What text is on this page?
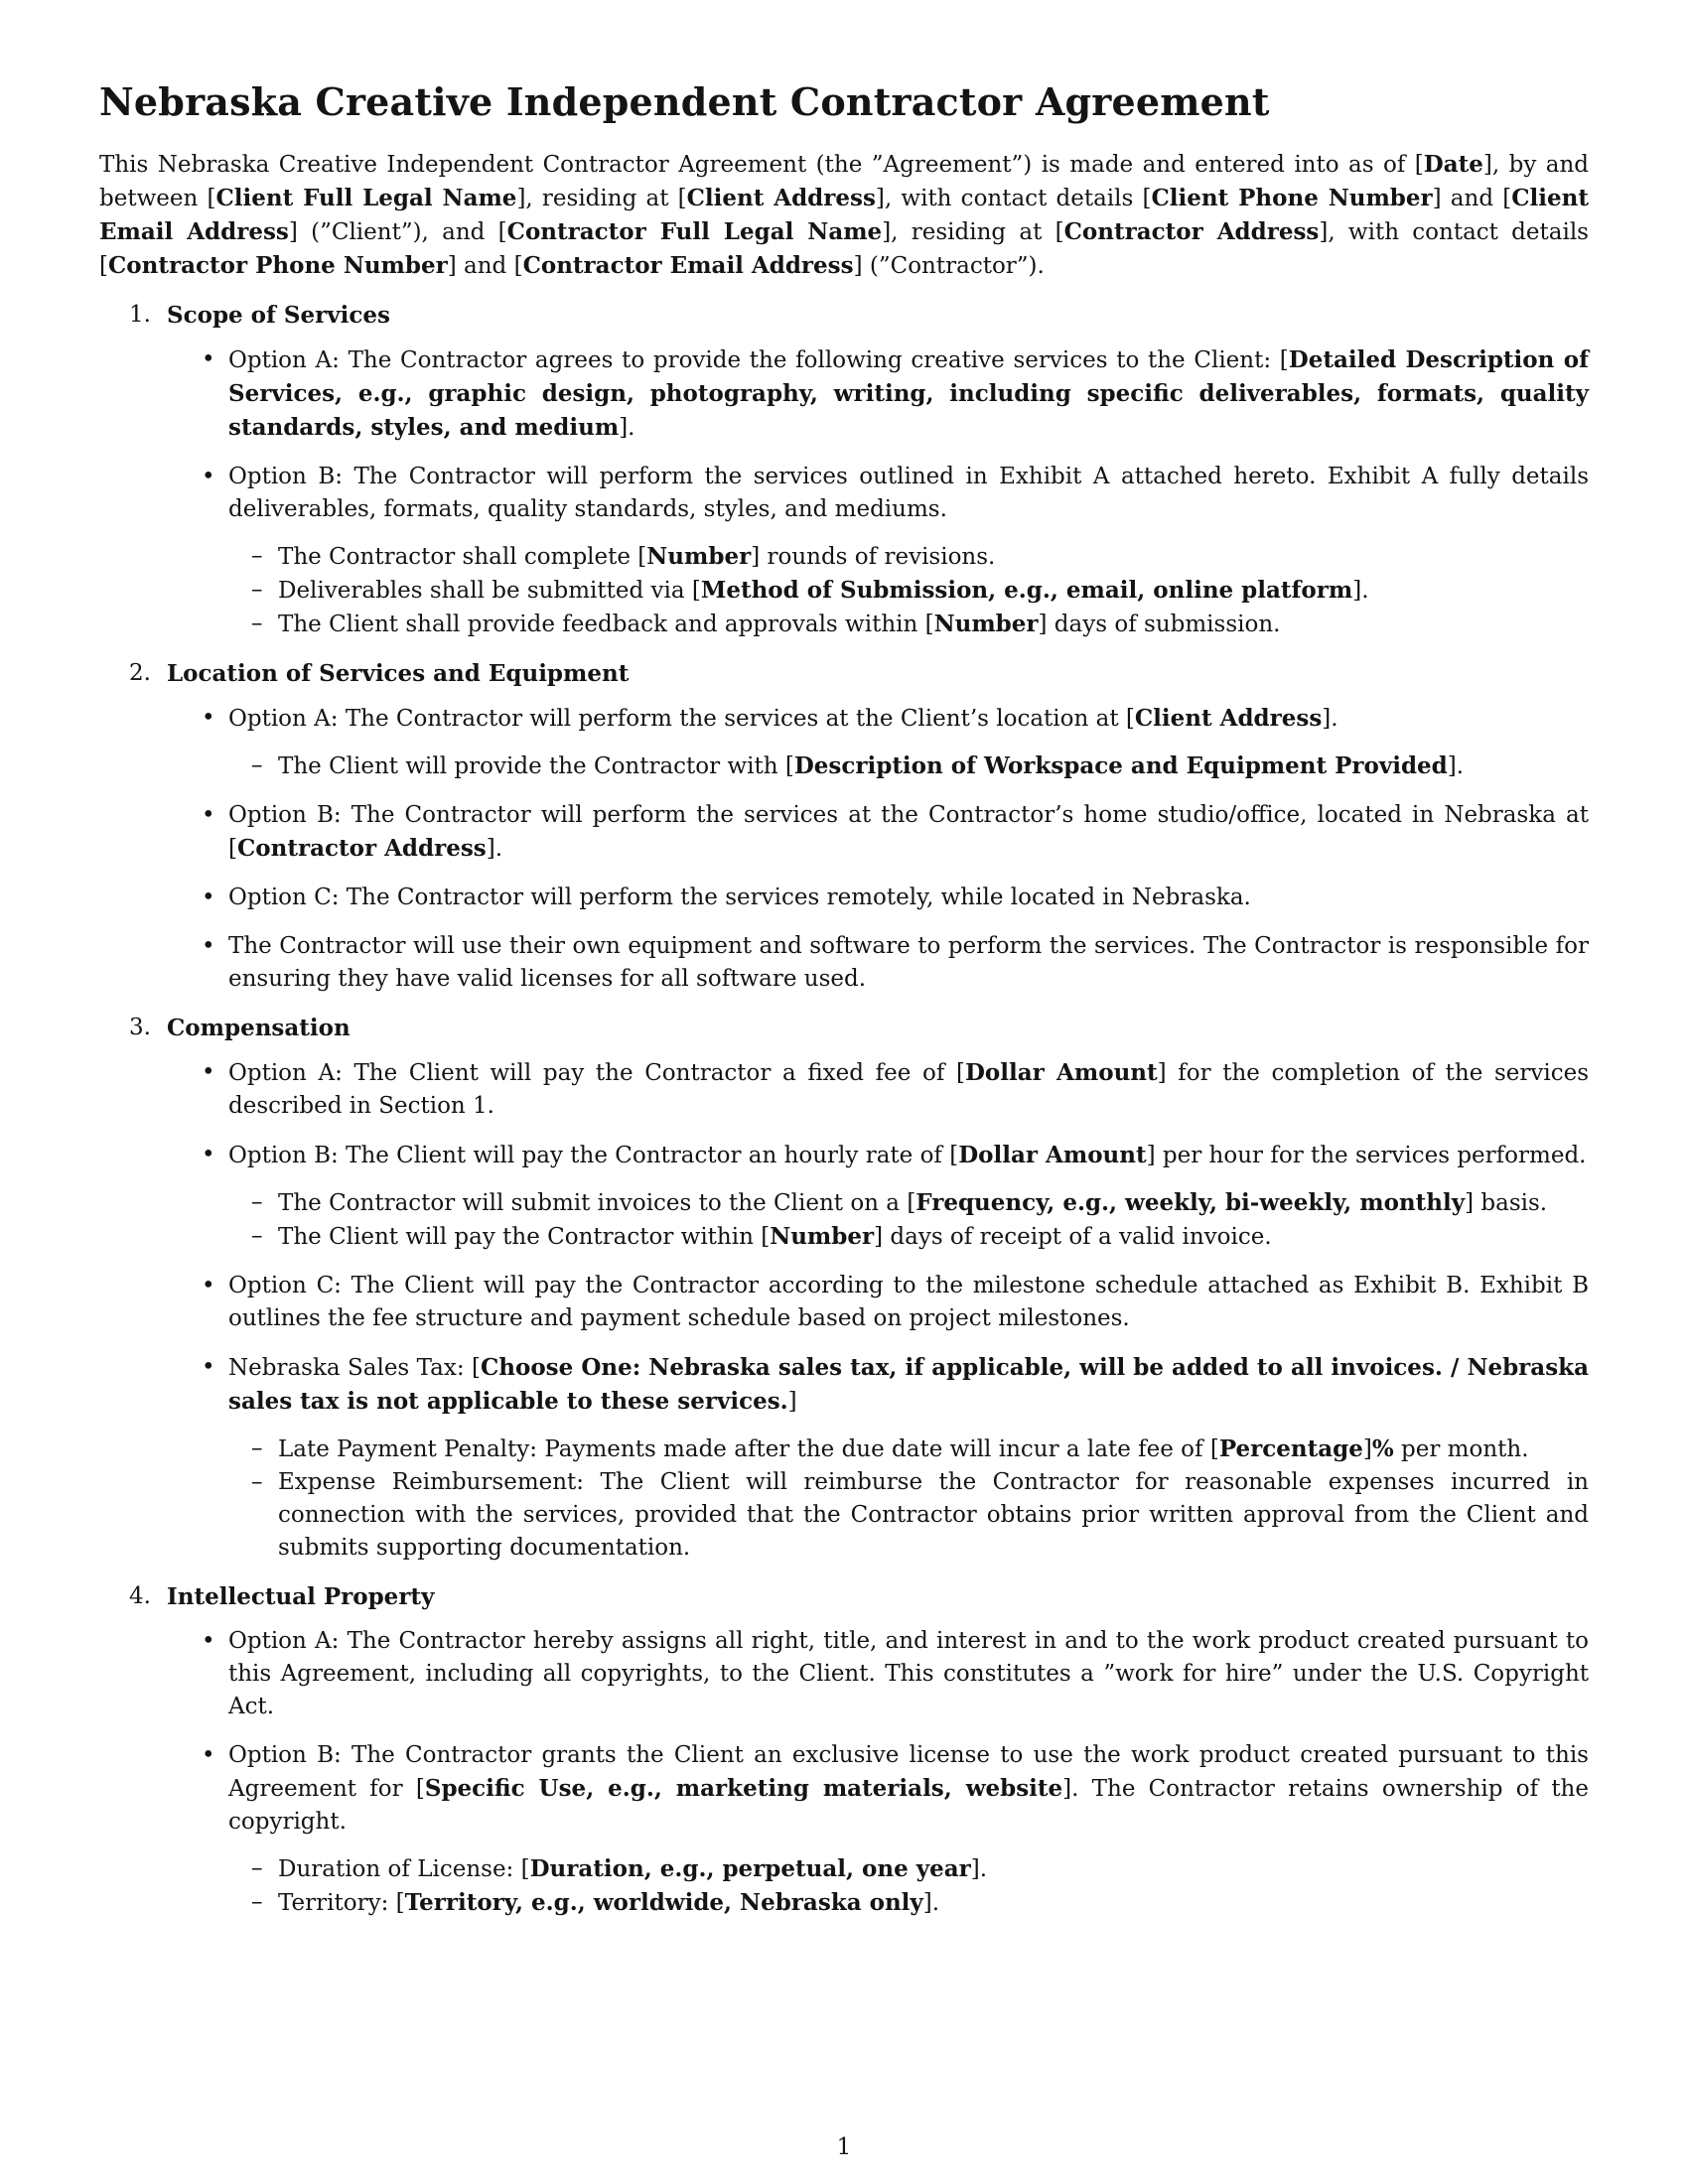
Nebraska Creative Independent Contractor Agreement

This Nebraska Creative Independent Contractor Agreement (the ”Agreement”) is made and entered into as of [Date], by and between [Client Full Legal Name], residing at [Client Address], with contact details [Client Phone Number] and [Client Email Address] (”Client”), and [Contractor Full Legal Name], residing at [Contractor Address], with contact details [Contractor Phone Number] and [Contractor Email Address] (”Contractor”).

1. Scope of Services
• Option A: The Contractor agrees to provide the following creative services to the Client: [Detailed Description of Services, e.g., graphic design, photography, writing, including specific deliverables, formats, quality standards, styles, and medium].
• Option B: The Contractor will perform the services outlined in Exhibit A attached hereto. Exhibit A fully details deliverables, formats, quality standards, styles, and mediums.
– The Contractor shall complete [Number] rounds of revisions.
– Deliverables shall be submitted via [Method of Submission, e.g., email, online platform].
– The Client shall provide feedback and approvals within [Number] days of submission.
2. Location of Services and Equipment
• Option A: The Contractor will perform the services at the Client’s location at [Client Address].
– The Client will provide the Contractor with [Description of Workspace and Equipment Provided].
• Option B: The Contractor will perform the services at the Contractor’s home studio/office, located in Nebraska at [Contractor Address].
• Option C: The Contractor will perform the services remotely, while located in Nebraska.
• The Contractor will use their own equipment and software to perform the services. The Contractor is responsible for ensuring they have valid licenses for all software used.
3. Compensation
• Option A: The Client will pay the Contractor a fixed fee of [Dollar Amount] for the completion of the services described in Section 1.
• Option B: The Client will pay the Contractor an hourly rate of [Dollar Amount] per hour for the services performed.
– The Contractor will submit invoices to the Client on a [Frequency, e.g., weekly, bi-weekly, monthly] basis.
– The Client will pay the Contractor within [Number] days of receipt of a valid invoice.
• Option C: The Client will pay the Contractor according to the milestone schedule attached as Exhibit B. Exhibit B outlines the fee structure and payment schedule based on project milestones.
• Nebraska Sales Tax: [Choose One: Nebraska sales tax, if applicable, will be added to all invoices. / Nebraska sales tax is not applicable to these services.]
– Late Payment Penalty: Payments made after the due date will incur a late fee of [Percentage]% per month.
– Expense Reimbursement: The Client will reimburse the Contractor for reasonable expenses incurred in connection with the services, provided that the Contractor obtains prior written approval from the Client and submits supporting documentation.
4. Intellectual Property
• Option A: The Contractor hereby assigns all right, title, and interest in and to the work product created pursuant to this Agreement, including all copyrights, to the Client. This constitutes a ”work for hire” under the U.S. Copyright Act.
• Option B: The Contractor grants the Client an exclusive license to use the work product created pursuant to this Agreement for [Specific Use, e.g., marketing materials, website]. The Contractor retains ownership of the copyright.
– Duration of License: [Duration, e.g., perpetual, one year].
– Territory: [Territory, e.g., worldwide, Nebraska only].
1
